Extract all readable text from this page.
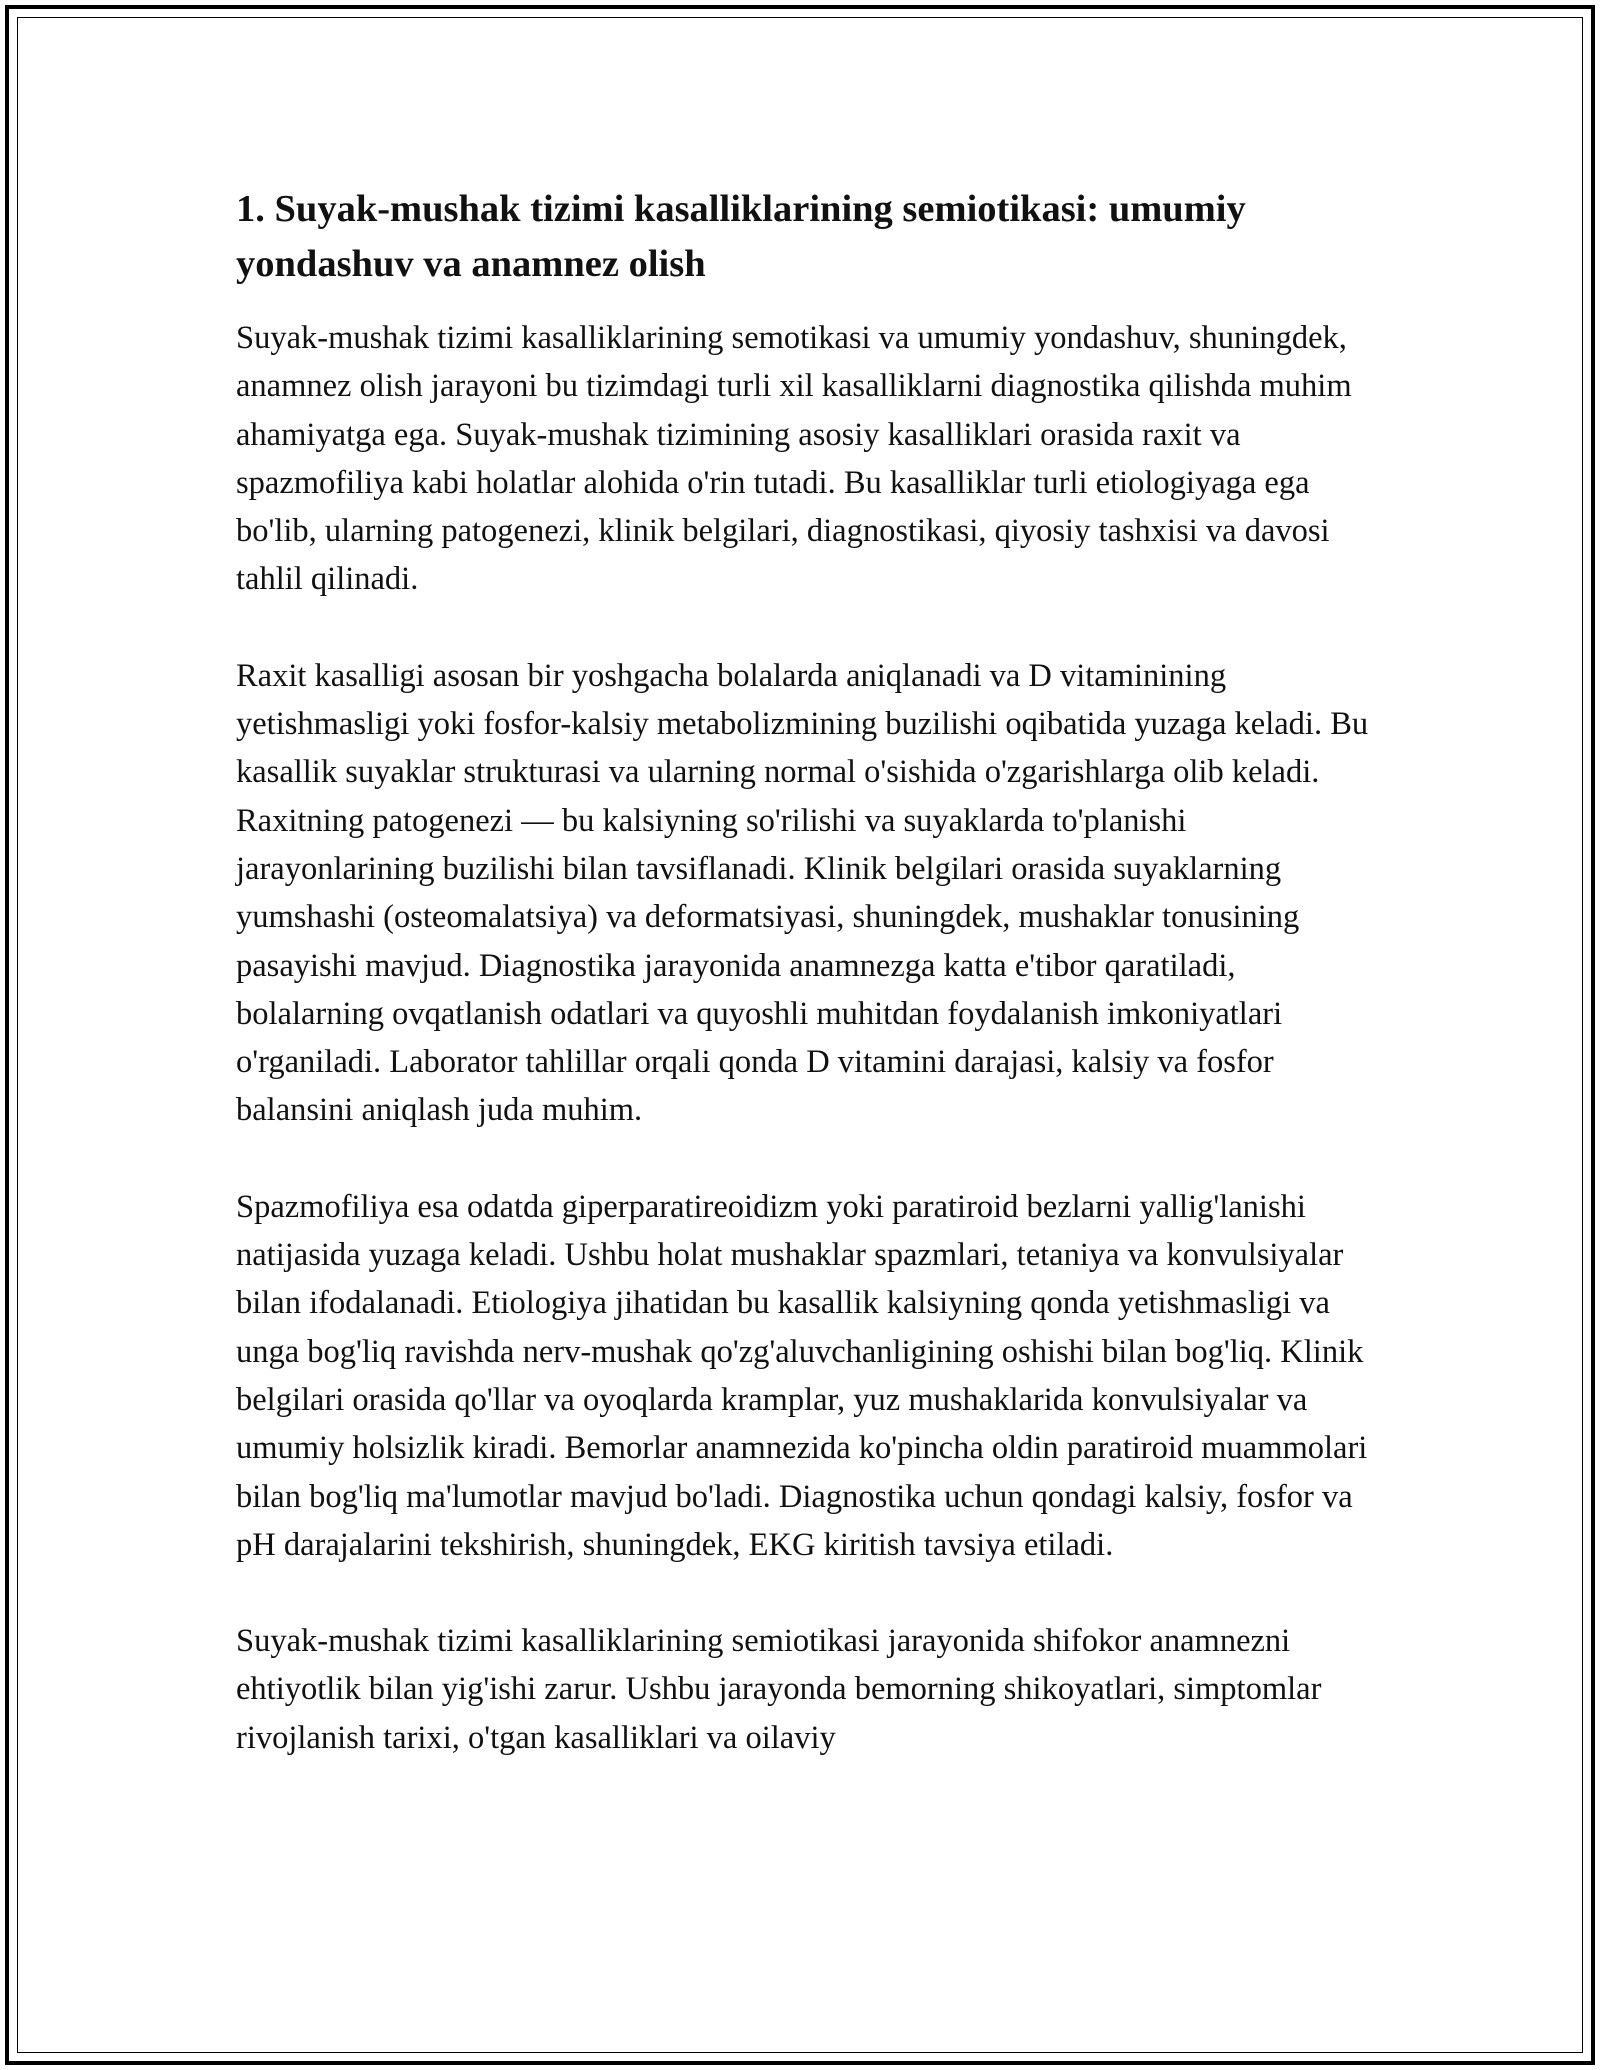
1. Suyak-mushak tizimi kasalliklarining semiotikasi: umumiy yondashuv va anamnez olish

Suyak-mushak tizimi kasalliklarining semotikasi va umumiy yondashuv, shuningdek, anamnez olish jarayoni bu tizimdagi turli xil kasalliklarni diagnostika qilishda muhim ahamiyatga ega. Suyak-mushak tizimining asosiy kasalliklari orasida raxit va spazmofiliya kabi holatlar alohida o'rin tutadi. Bu kasalliklar turli etiologiyaga ega bo'lib, ularning patogenezi, klinik belgilari, diagnostikasi, qiyosiy tashxisi va davosi tahlil qilinadi.

Raxit kasalligi asosan bir yoshgacha bolalarda aniqlanadi va D vitaminining yetishmasligi yoki fosfor-kalsiy metabolizmining buzilishi oqibatida yuzaga keladi. Bu kasallik suyaklar strukturasi va ularning normal o'sishida o'zgarishlarga olib keladi. Raxitning patogenezi — bu kalsiyning so'rilishi va suyaklarda to'planishi jarayonlarining buzilishi bilan tavsiflanadi. Klinik belgilari orasida suyaklarning yumshashi (osteomalatsiya) va deformatsiyasi, shuningdek, mushaklar tonusining pasayishi mavjud. Diagnostika jarayonida anamnezga katta e'tibor qaratiladi, bolalarning ovqatlanish odatlari va quyoshli muhitdan foydalanish imkoniyatlari o'rganiladi. Laborator tahlillar orqali qonda D vitamini darajasi, kalsiy va fosfor balansini aniqlash juda muhim.

Spazmofiliya esa odatda giperparatireoidizm yoki paratiroid bezlarni yallig'lanishi natijasida yuzaga keladi. Ushbu holat mushaklar spazmlari, tetaniya va konvulsiyalar bilan ifodalanadi. Etiologiya jihatidan bu kasallik kalsiyning qonda yetishmasligi va unga bog'liq ravishda nerv-mushak qo'zg'aluvchanligining oshishi bilan bog'liq. Klinik belgilari orasida qo'llar va oyoqlarda kramplar, yuz mushaklarida konvulsiyalar va umumiy holsizlik kiradi. Bemorlar anamnezida ko'pincha oldin paratiroid muammolari bilan bog'liq ma'lumotlar mavjud bo'ladi. Diagnostika uchun qondagi kalsiy, fosfor va pH darajalarini tekshirish, shuningdek, EKG kiritish tavsiya etiladi.

Suyak-mushak tizimi kasalliklarining semiotikasi jarayonida shifokor anamnezni ehtiyotlik bilan yig'ishi zarur. Ushbu jarayonda bemorning shikoyatlari, simptomlar rivojlanish tarixi, o'tgan kasalliklari va oilaviy
